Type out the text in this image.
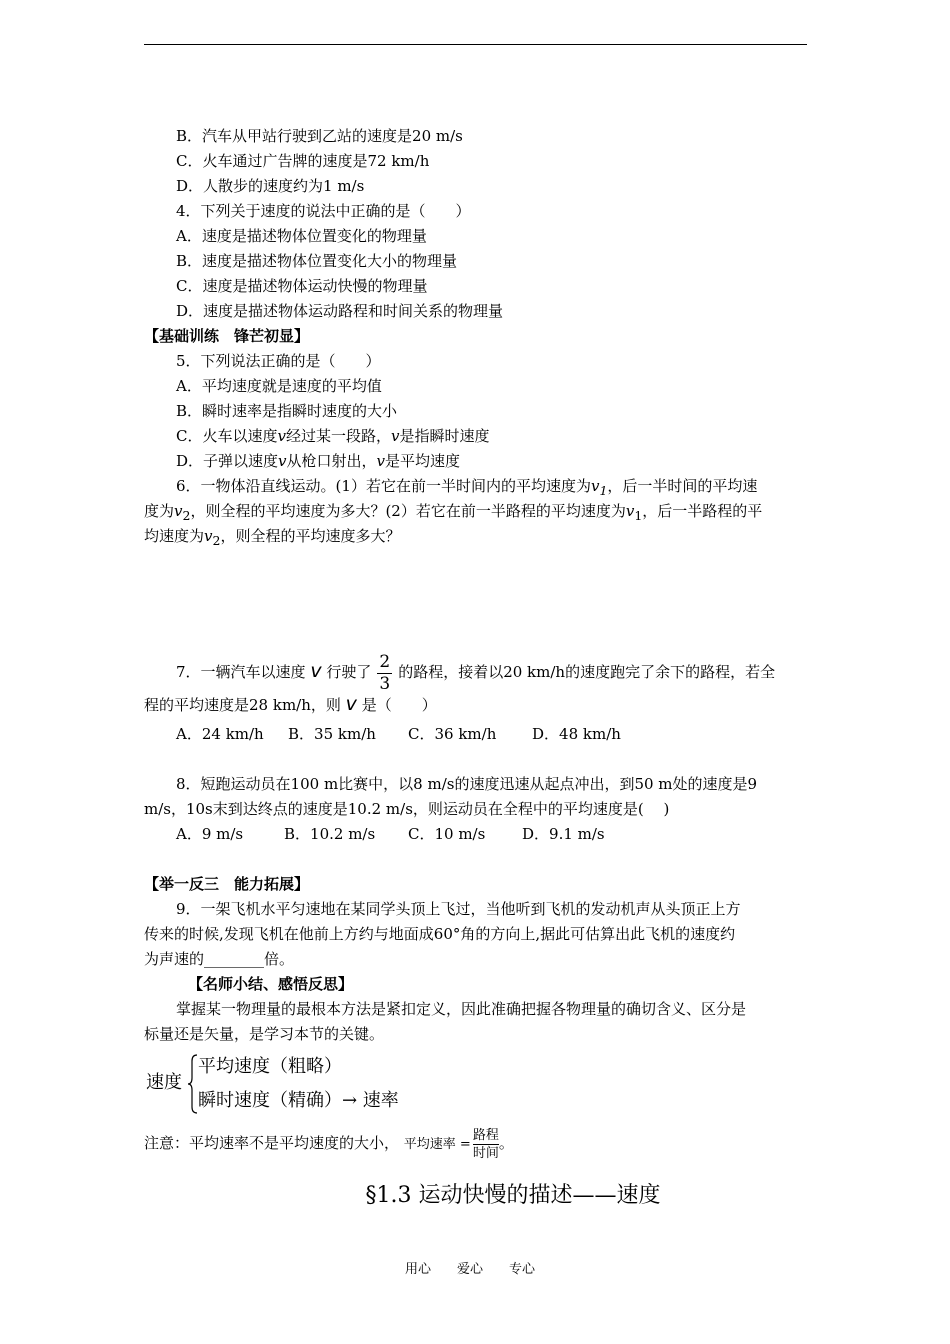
B．汽车从甲站行驶到乙站的速度是20 m/s
C．火车通过广告牌的速度是72 km/h
D．人散步的速度约为1 m/s
4．下列关于速度的说法中正确的是（　　）
A．速度是描述物体位置变化的物理量
B．速度是描述物体位置变化大小的物理量
C．速度是描述物体运动快慢的物理量
D．速度是描述物体运动路程和时间关系的物理量
【基础训练　锋芒初显】
5．下列说法正确的是（　　）
A．平均速度就是速度的平均值
B．瞬时速率是指瞬时速度的大小
C．火车以速度v经过某一段路，v是指瞬时速度
D．子弹以速度v从枪口射出，v是平均速度
6．一物体沿直线运动。(1）若它在前一半时间内的平均速度为$v_1$，后一半时间的平均速
度为$v_2$，则全程的平均速度为多大？(2）若它在前一半路程的平均速度为$v_1$，后一半路程的平
均速度为$v_2$，则全程的平均速度多大？
7．一辆汽车以速度 v 行驶了 $\frac{2}{3}$ 的路程，接着以20 km/h的速度跑完了余下的路程，若全
程的平均速度是28 km/h，则 v 是（　　）
A．24 km/h B．35 km/h C．36 km/h D．48 km/h
8．短跑运动员在100 m比赛中，以8 m/s的速度迅速从起点冲出，到50 m处的速度是9
m/s，10s末到达终点的速度是10.2 m/s，则运动员在全程中的平均速度是(　 )
A．9 m/s	B．10.2 m/s C．10 m/s D．9.1 m/s
【举一反三　能力拓展】
9．一架飞机水平匀速地在某同学头顶上飞过，当他听到飞机的发动机声从头顶正上方
传来的时候,发现飞机在他前上方约与地面成60°角的方向上,据此可估算出此飞机的速度约
为声速的________倍。
【名师小结、感悟反思】
掌握某一物理量的最根本方法是紧扣定义，因此准确把握各物理量的确切含义、区分是
标量还是矢量，是学习本节的关键。
速度
平均速度（粗略）
瞬时速度（精确）→ 速率
注意：平均速率不是平均速度的大小， 平均速率 = $\frac{\text{路程}}{\text{时间}}$ 。
§1.3 运动快慢的描述——速度
用心 爱心 专心
